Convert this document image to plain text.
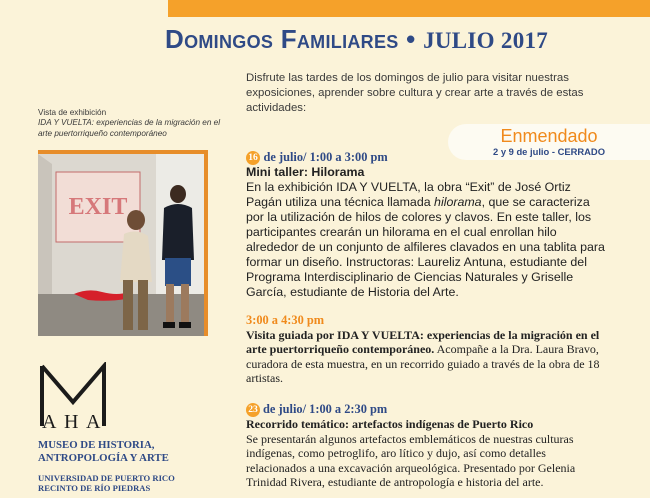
Domingos Familiares • JULIO 2017
Disfrute las tardes de los domingos de julio para visitar nuestras exposiciones, aprender sobre cultura y crear arte a través de estas actividades:
Vista de exhibición
IDA Y VUELTA: experiencias de la migración en el arte puertorriqueño contemporáneo
EXIT
Enmendado
2 y 9 de julio - CERRADO
16 de julio/ 1:00 a 3:00 pm
Mini taller: Hilorama
En la exhibición IDA Y VUELTA, la obra “Exit” de José Ortiz Pagán utiliza una técnica llamada hilorama, que se caracteriza por la utilización de hilos de colores y clavos. En este taller, los participantes crearán un hilorama en el cual enrollan hilo alrededor de un conjunto de alfileres clavados en una tablita para formar un diseño. Instructoras: Laureliz Antuna, estudiante del Programa Interdisciplinario de Ciencias Naturales y Griselle García, estudiante de Historia del Arte.
3:00 a 4:30 pm
Visita guiada por IDA Y VUELTA: experiencias de la migración en el arte puertorriqueño contemporáneo. Acompañe a la Dra. Laura Bravo, curadora de esta muestra, en un recorrido guiado a través de la obra de 18 artistas.
23 de julio/ 1:00 a 2:30 pm
Recorrido temático: artefactos indígenas de Puerto Rico
Se presentarán algunos artefactos emblemáticos de nuestras culturas indígenas, como petroglifo, aro lítico y dujo, así como detalles relacionados a una excavación arqueológica. Presentado por Gelenia Trinidad Rivera, estudiante de antropología e historia del arte.
A H A
MUSEO DE HISTORIA,
ANTROPOLOGÍA Y ARTE
UNIVERSIDAD DE PUERTO RICO
RECINTO DE RÍO PIEDRAS
